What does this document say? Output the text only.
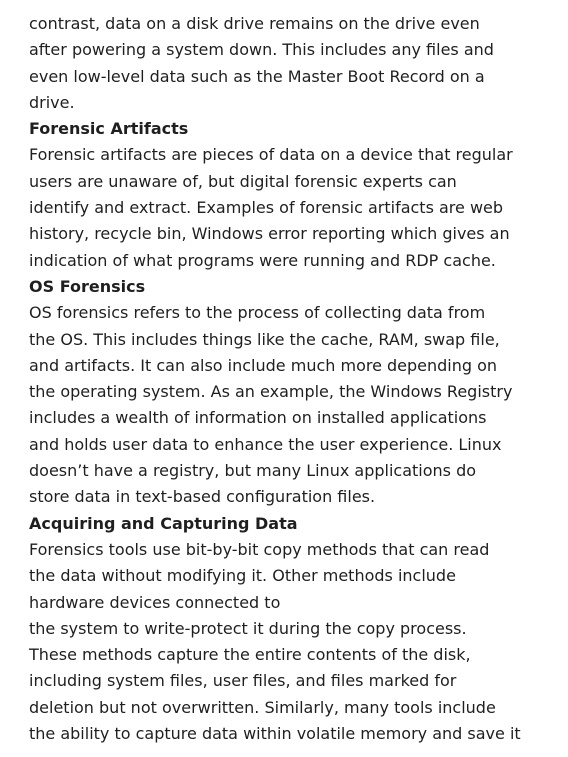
contrast, data on a disk drive remains on the drive even
after powering a system down. This includes any files and
even low-level data such as the Master Boot Record on a
drive.
Forensic Artifacts
Forensic artifacts are pieces of data on a device that regular
users are unaware of, but digital forensic experts can
identify and extract. Examples of forensic artifacts are web
history, recycle bin, Windows error reporting which gives an
indication of what programs were running and RDP cache.
OS Forensics
OS forensics refers to the process of collecting data from
the OS. This includes things like the cache, RAM, swap file,
and artifacts. It can also include much more depending on
the operating system. As an example, the Windows Registry
includes a wealth of information on installed applications
and holds user data to enhance the user experience. Linux
doesn’t have a registry, but many Linux applications do
store data in text-based configuration files.
Acquiring and Capturing Data
Forensics tools use bit-by-bit copy methods that can read
the data without modifying it. Other methods include
hardware devices connected to
the system to write-protect it during the copy process.
These methods capture the entire contents of the disk,
including system files, user files, and files marked for
deletion but not overwritten. Similarly, many tools include
the ability to capture data within volatile memory and save it
